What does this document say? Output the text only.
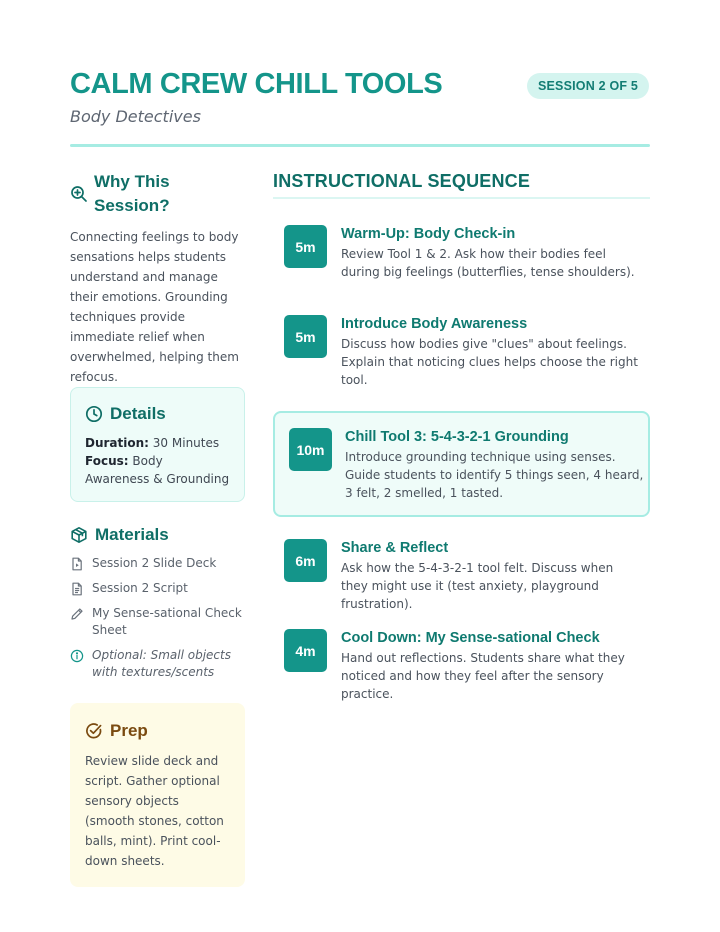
CALM CREW CHILL TOOLS
Body Detectives
SESSION 2 OF 5
Why This Session?

Connecting feelings to body sensations helps students understand and manage their emotions. Grounding techniques provide immediate relief when overwhelmed, helping them refocus.

Details
Duration: 30 Minutes
Focus: Body Awareness & Grounding
Materials
Session 2 Slide Deck
Session 2 Script
My Sense-sational Check Sheet
Optional: Small objects with textures/scents
Prep

Review slide deck and script. Gather optional sensory objects (smooth stones, cotton balls, mint). Print cool-down sheets.

INSTRUCTIONAL SEQUENCE
5m
Warm-Up: Body Check-in
Review Tool 1 & 2. Ask how their bodies feel during big feelings (butterflies, tense shoulders).
5m
Introduce Body Awareness
Discuss how bodies give "clues" about feelings. Explain that noticing clues helps choose the right tool.
10m
Chill Tool 3: 5-4-3-2-1 Grounding
Introduce grounding technique using senses. Guide students to identify 5 things seen, 4 heard, 3 felt, 2 smelled, 1 tasted.
6m
Share & Reflect
Ask how the 5-4-3-2-1 tool felt. Discuss when they might use it (test anxiety, playground frustration).
4m
Cool Down: My Sense-sational Check
Hand out reflections. Students share what they noticed and how they feel after the sensory practice.
